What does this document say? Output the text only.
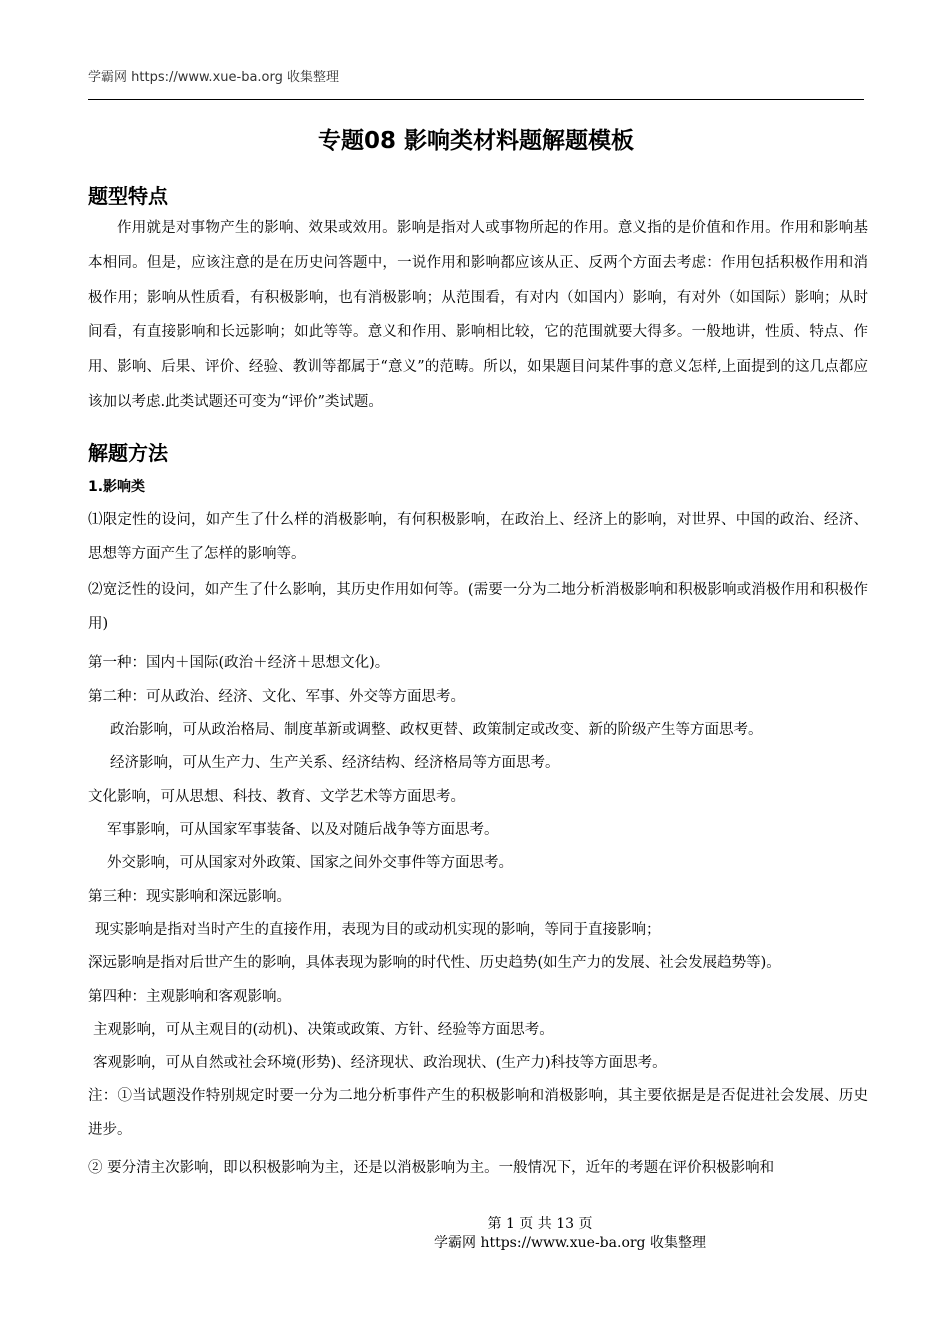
学霸网 https://www.xue-ba.org 收集整理
专题08 影响类材料题解题模板
题型特点

作用就是对事物产生的影响、效果或效用。影响是指对人或事物所起的作用。意义指的是价值和作用。作用和影响基本相同。但是，应该注意的是在历史问答题中，一说作用和影响都应该从正、反两个方面去考虑：作用包括积极作用和消极作用；影响从性质看，有积极影响，也有消极影响；从范围看，有对内（如国内）影响，有对外（如国际）影响；从时间看，有直接影响和长远影响；如此等等。意义和作用、影响相比较，它的范围就要大得多。一般地讲，性质、特点、作用、影响、后果、评价、经验、教训等都属于“意义”的范畴。所以，如果题目问某件事的意义怎样,上面提到的这几点都应该加以考虑.此类试题还可变为“评价”类试题。

解题方法
1.影响类

⑴限定性的设问，如产生了什么样的消极影响，有何积极影响，在政治上、经济上的影响，对世界、中国的政治、经济、思想等方面产生了怎样的影响等。

⑵宽泛性的设问，如产生了什么影响，其历史作用如何等。(需要一分为二地分析消极影响和积极影响或消极作用和积极作用)

第一种：国内＋国际(政治＋经济＋思想文化)。
第二种：可从政治、经济、文化、军事、外交等方面思考。
政治影响，可从政治格局、制度革新或调整、政权更替、政策制定或改变、新的阶级产生等方面思考。
经济影响，可从生产力、生产关系、经济结构、经济格局等方面思考。
文化影响，可从思想、科技、教育、文学艺术等方面思考。
军事影响，可从国家军事装备、以及对随后战争等方面思考。
外交影响，可从国家对外政策、国家之间外交事件等方面思考。
第三种：现实影响和深远影响。
现实影响是指对当时产生的直接作用，表现为目的或动机实现的影响，等同于直接影响；
深远影响是指对后世产生的影响，具体表现为影响的时代性、历史趋势(如生产力的发展、社会发展趋势等)。
第四种：主观影响和客观影响。
主观影响，可从主观目的(动机)、决策或政策、方针、经验等方面思考。
客观影响，可从自然或社会环境(形势)、经济现状、政治现状、(生产力)科技等方面思考。

注：①当试题没作特别规定时要一分为二地分析事件产生的积极影响和消极影响，其主要依据是是否促进社会发展、历史进步。

② 要分清主次影响，即以积极影响为主，还是以消极影响为主。一般情况下，近年的考题在评价积极影响和
第 1 页 共 13 页
学霸网 https://www.xue-ba.org 收集整理
